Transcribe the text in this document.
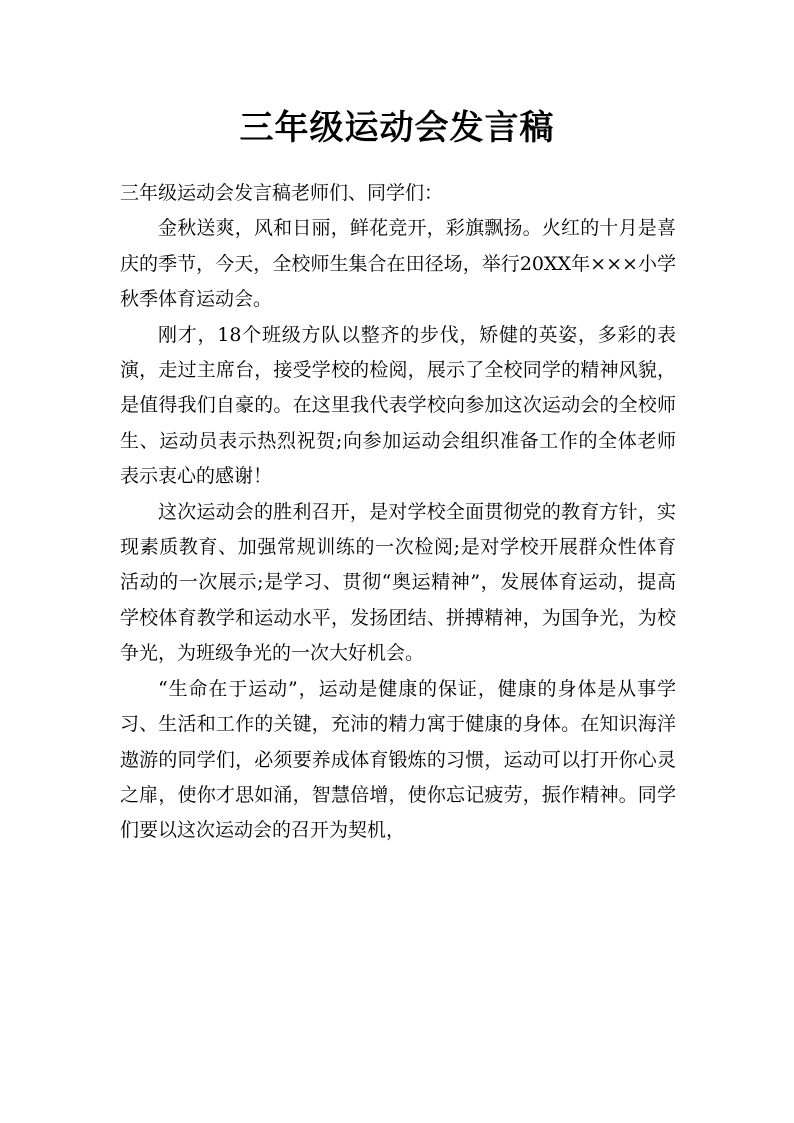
三年级运动会发言稿

三年级运动会发言稿老师们、同学们：

金秋送爽，风和日丽，鲜花竞开，彩旗飘扬。火红的十月是喜庆的季节，今天，全校师生集合在田径场，举行20XX年×××小学秋季体育运动会。

刚才，18个班级方队以整齐的步伐，矫健的英姿，多彩的表演，走过主席台，接受学校的检阅，展示了全校同学的精神风貌，是值得我们自豪的。在这里我代表学校向参加这次运动会的全校师生、运动员表示热烈祝贺;向参加运动会组织准备工作的全体老师表示衷心的感谢！

这次运动会的胜利召开，是对学校全面贯彻党的教育方针，实现素质教育、加强常规训练的一次检阅;是对学校开展群众性体育活动的一次展示;是学习、贯彻“奥运精神”，发展体育运动，提高学校体育教学和运动水平，发扬团结、拼搏精神，为国争光，为校争光，为班级争光的一次大好机会。

“生命在于运动”，运动是健康的保证，健康的身体是从事学习、生活和工作的关键，充沛的精力寓于健康的身体。在知识海洋遨游的同学们，必须要养成体育锻炼的习惯，运动可以打开你心灵之扉，使你才思如涌，智慧倍增，使你忘记疲劳，振作精神。同学们要以这次运动会的召开为契机，
